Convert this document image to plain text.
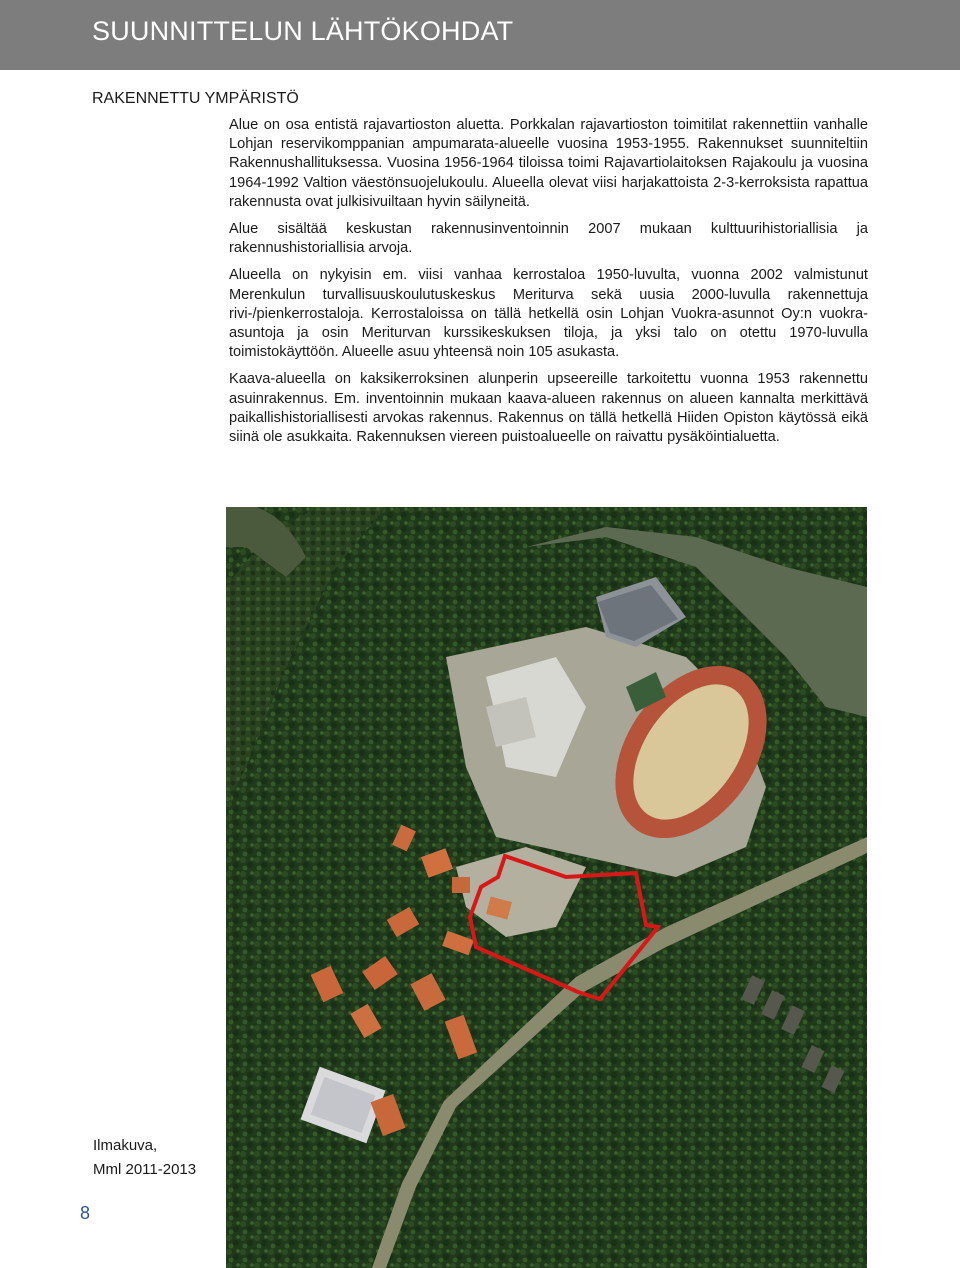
SUUNNITTELUN LÄHTÖKOHDAT
RAKENNETTU YMPÄRISTÖ

Alue on osa entistä rajavartioston aluetta. Porkkalan rajavartioston toimitilat rakennettiin vanhalle Lohjan reservikomppanian ampumarata-alueelle vuosina 1953-1955. Rakennukset suunniteltiin Rakennushallituksessa. Vuosina 1956-1964 tiloissa toimi Rajavartiolaitoksen Rajakoulu ja vuosina 1964-1992 Valtion väestönsuojelukoulu. Alueella olevat viisi harjakattoista 2-3-kerroksista rapattua rakennusta ovat julkisivuiltaan hyvin säilyneitä.

Alue sisältää keskustan rakennusinventoinnin 2007 mukaan kulttuurihistoriallisia ja rakennushistoriallisia arvoja.

Alueella on nykyisin em. viisi vanhaa kerrostaloa 1950-luvulta, vuonna 2002 valmistunut Merenkulun turvallisuuskoulutuskeskus Meriturva sekä uusia 2000-luvulla rakennettuja rivi-/pienkerrostaloja. Kerrostaloissa on tällä hetkellä osin Lohjan Vuokra-asunnot Oy:n vuokra-asuntoja ja osin Meriturvan kurssikeskuksen tiloja, ja yksi talo on otettu 1970-luvulla toimistokäyttöön. Alueelle asuu yhteensä noin 105 asukasta.

Kaava-alueella on kaksikerroksinen alunperin upseereille tarkoitettu vuonna 1953 rakennettu asuinrakennus. Em. inventoinnin mukaan kaava-alueen rakennus on alueen kannalta merkittävä paikallishistoriallisesti arvokas rakennus. Rakennus on tällä hetkellä Hiiden Opiston käytössä eikä siinä ole asukkaita. Rakennuksen viereen puistoalueelle on raivattu pysäköintialuetta.

Ilmakuva,
Mml 2011-2013
8
